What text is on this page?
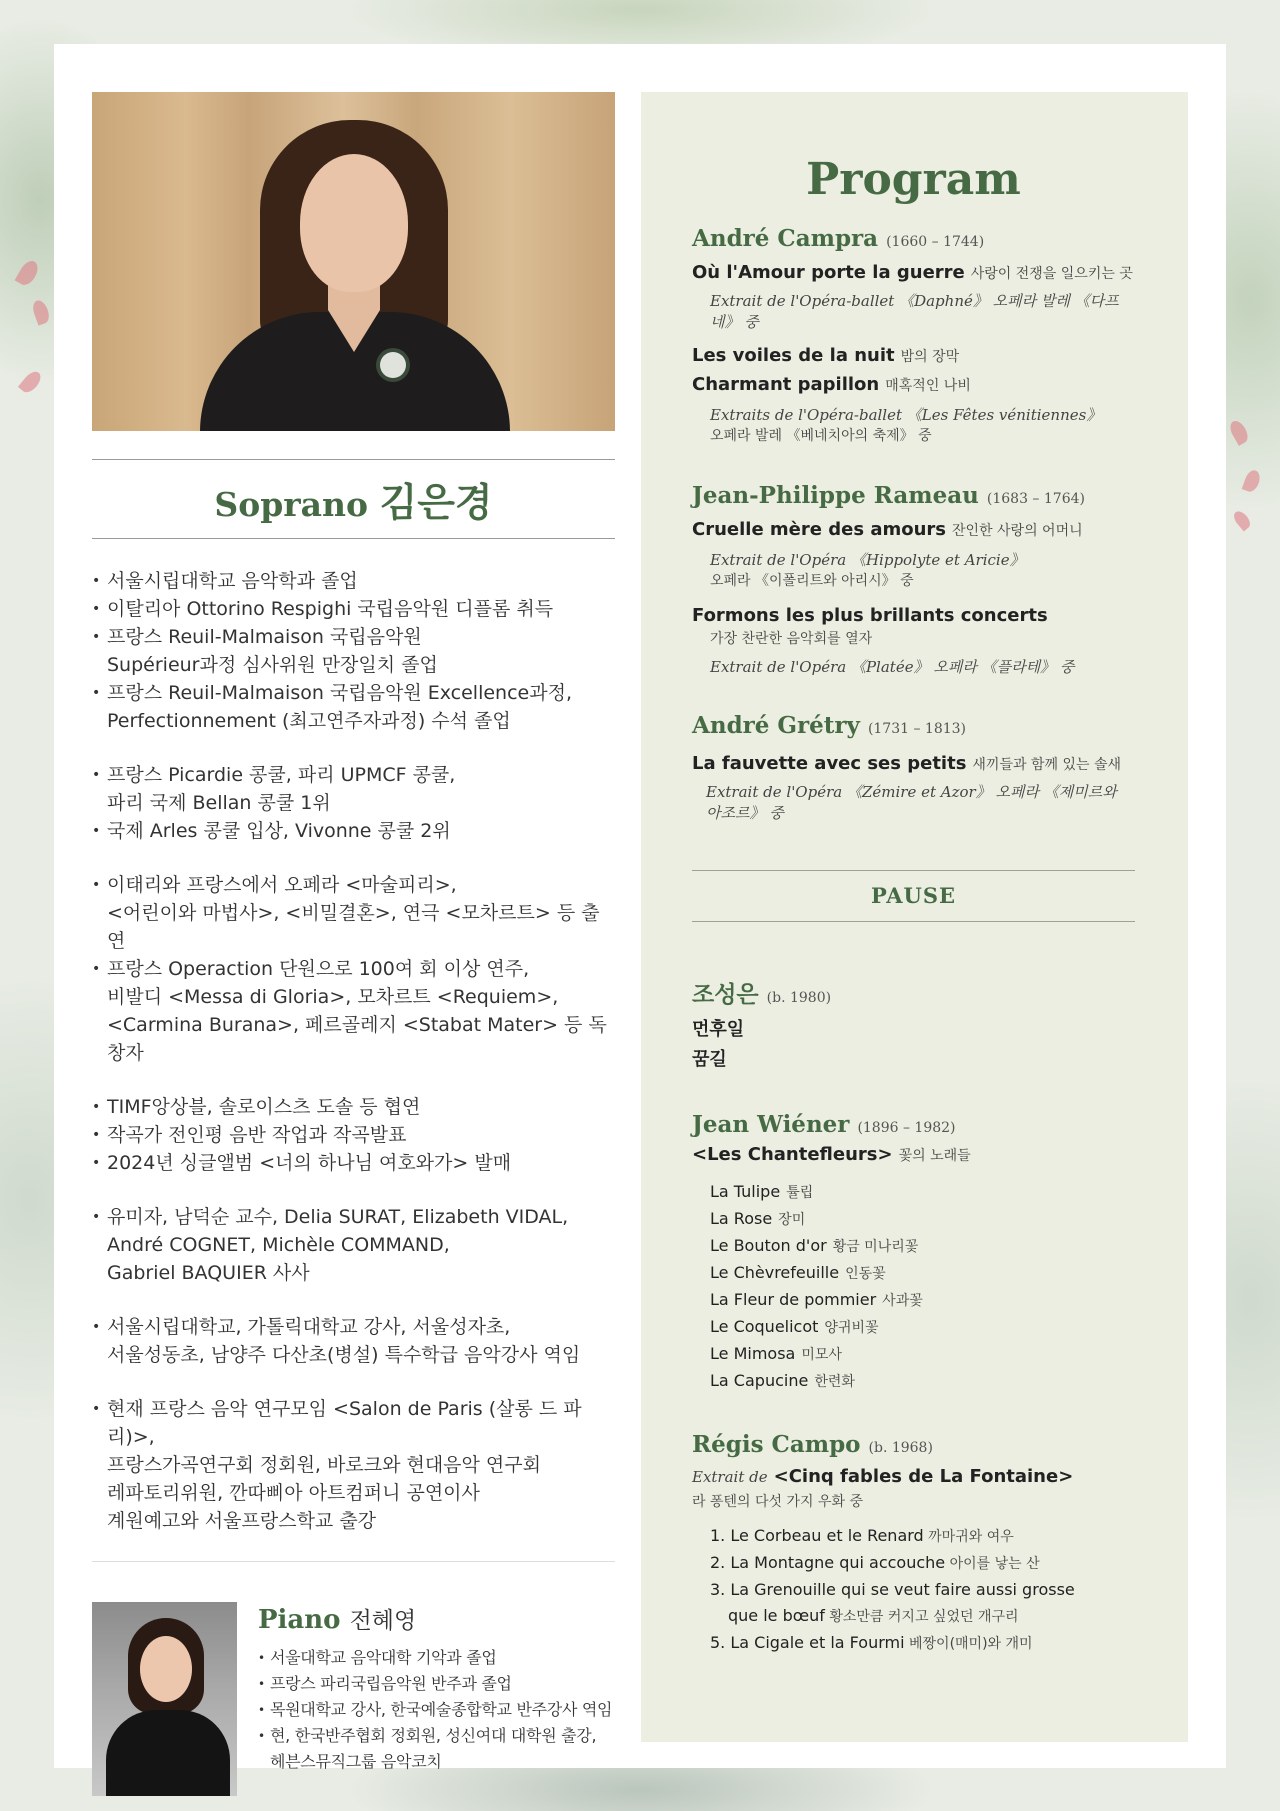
Soprano 김은경
• 서울시립대학교 음악학과 졸업
• 이탈리아 Ottorino Respighi 국립음악원 디플롬 취득
• 프랑스 Reuil-Malmaison 국립음악원
Supérieur과정 심사위원 만장일치 졸업
• 프랑스 Reuil-Malmaison 국립음악원 Excellence과정,
Perfectionnement (최고연주자과정) 수석 졸업
• 프랑스 Picardie 콩쿨, 파리 UPMCF 콩쿨,
파리 국제 Bellan 콩쿨 1위
• 국제 Arles 콩쿨 입상, Vivonne 콩쿨 2위
• 이태리와 프랑스에서 오페라 <마술피리>,
<어린이와 마법사>, <비밀결혼>, 연극 <모차르트> 등 출연
• 프랑스 Operaction 단원으로 100여 회 이상 연주,
비발디 <Messa di Gloria>, 모차르트 <Requiem>,
<Carmina Burana>, 페르골레지 <Stabat Mater> 등 독창자
• TIMF앙상블, 솔로이스츠 도솔 등 협연
• 작곡가 전인평 음반 작업과 작곡발표
• 2024년 싱글앨범 <너의 하나님 여호와가> 발매
• 유미자, 남덕순 교수, Delia SURAT, Elizabeth VIDAL,
André COGNET, Michèle COMMAND,
Gabriel BAQUIER 사사
• 서울시립대학교, 가톨릭대학교 강사, 서울성자초,
서울성동초, 남양주 다산초(병설) 특수학급 음악강사 역임
• 현재 프랑스 음악 연구모임 <Salon de Paris (살롱 드 파리)>,
프랑스가곡연구회 정회원, 바로크와 현대음악 연구회
레파토리위원, 깐따삐아 아트컴퍼니 공연이사
계원예고와 서울프랑스학교 출강
Piano 전혜영
• 서울대학교 음악대학 기악과 졸업
• 프랑스 파리국립음악원 반주과 졸업
• 목원대학교 강사, 한국예술종합학교 반주강사 역임
• 현, 한국반주협회 정회원, 성신여대 대학원 출강,
헤븐스뮤직그룹 음악코치
Program
André Campra (1660 – 1744)
Où l'Amour porte la guerre 사랑이 전쟁을 일으키는 곳
Extrait de l'Opéra-ballet 《Daphné》 오페라 발레 《다프네》 중
Les voiles de la nuit 밤의 장막
Charmant papillon 매혹적인 나비
Extraits de l'Opéra-ballet 《Les Fêtes vénitiennes》
오페라 발레 《베네치아의 축제》 중
Jean-Philippe Rameau (1683 – 1764)
Cruelle mère des amours 잔인한 사랑의 어머니
Extrait de l'Opéra 《Hippolyte et Aricie》
오페라 《이폴리트와 아리시》 중
Formons les plus brillants concerts
가장 찬란한 음악회를 열자
Extrait de l'Opéra 《Platée》 오페라 《플라테》 중
André Grétry (1731 – 1813)
La fauvette avec ses petits 새끼들과 함께 있는 솔새
Extrait de l'Opéra 《Zémire et Azor》 오페라 《제미르와 아조르》 중
PAUSE
조성은 (b. 1980)
먼후일
꿈길
Jean Wiéner (1896 – 1982)
<Les Chantefleurs> 꽃의 노래들
La Tulipe 튤립
La Rose 장미
Le Bouton d'or 황금 미나리꽃
Le Chèvrefeuille 인동꽃
La Fleur de pommier 사과꽃
Le Coquelicot 양귀비꽃
Le Mimosa 미모사
La Capucine 한련화
Régis Campo (b. 1968)
Extrait de <Cinq fables de La Fontaine>
라 퐁텐의 다섯 가지 우화 중
1. Le Corbeau et le Renard 까마귀와 여우
2. La Montagne qui accouche 아이를 낳는 산
3. La Grenouille qui se veut faire aussi grosse
que le bœuf 황소만큼 커지고 싶었던 개구리
5. La Cigale et la Fourmi 베짱이(매미)와 개미
